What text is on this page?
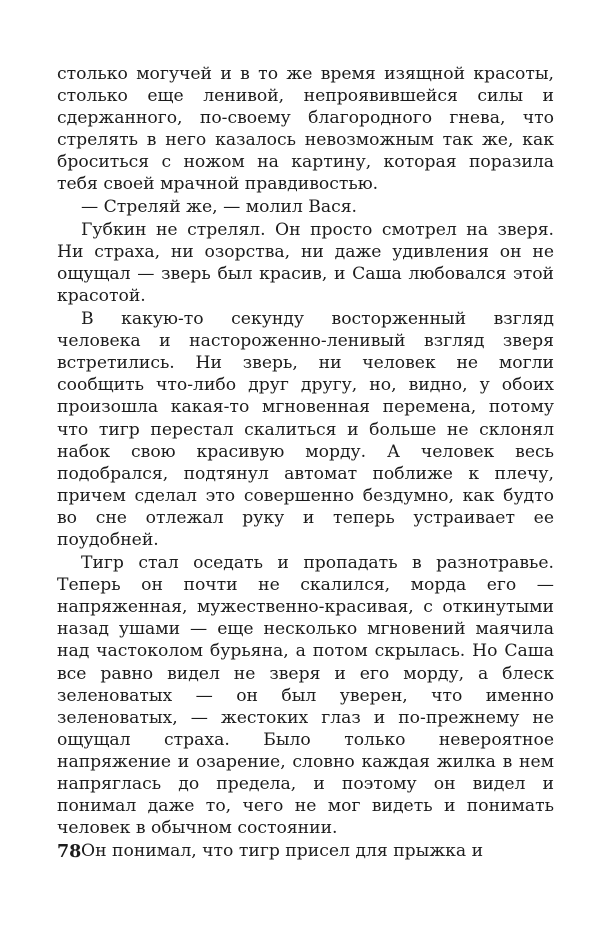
столько могучей и в то же время изящной красоты, столько еще ленивой, непроявившейся силы и сдержанного, по-своему благородного гнева, что стрелять в него казалось невозможным так же, как броситься с ножом на картину, которая поразила тебя своей мрачной правдивостью.

— Стреляй же, — молил Вася.

Губкин не стрелял. Он просто смотрел на зверя. Ни страха, ни озорства, ни даже удивления он не ощущал — зверь был красив, и Саша любовался этой красотой.

В какую-то секунду восторженный взгляд человека и настороженно-ленивый взгляд зверя встретились. Ни зверь, ни человек не могли сообщить что-либо друг другу, но, видно, у обоих произошла какая-то мгновенная перемена, потому что тигр перестал скалиться и больше не склонял набок свою красивую морду. А человек весь подобрался, подтянул автомат поближе к плечу, причем сделал это совершенно бездумно, как будто во сне отлежал руку и теперь устраивает ее поудобней.

Тигр стал оседать и пропадать в разнотравье. Теперь он почти не скалился, морда его — напряженная, мужественно-красивая, с откинутыми назад ушами — еще несколько мгновений маячила над частоколом бурьяна, а потом скрылась. Но Саша все равно видел не зверя и его морду, а блеск зеленоватых — он был уверен, что именно зеленоватых, — жестоких глаз и по-прежнему не ощущал страха. Было только невероятное напряжение и озарение, словно каждая жилка в нем напряглась до предела, и поэтому он видел и понимал даже то, чего не мог видеть и понимать человек в обычном состоянии.

Он понимал, что тигр присел для прыжка и

78
